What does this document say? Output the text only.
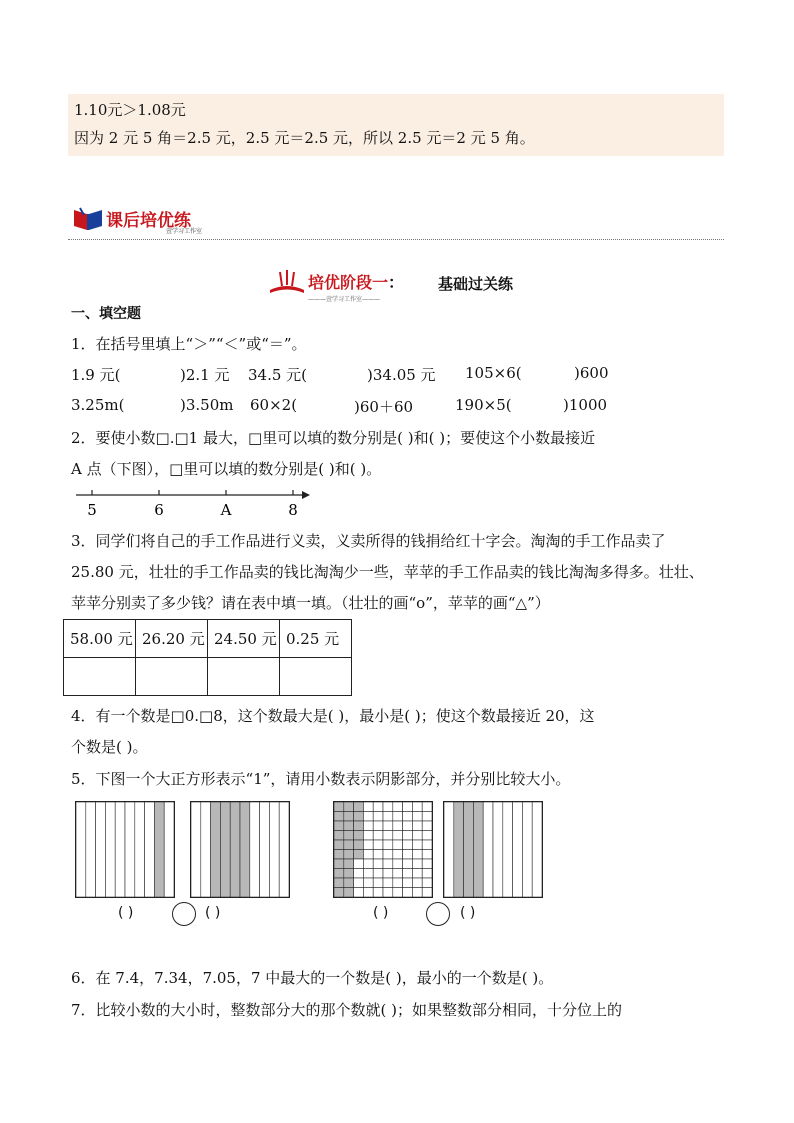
1.10元＞1.08元
因为 2 元 5 角＝2.5 元，2.5 元＝2.5 元，所以 2.5 元＝2 元 5 角。
课后培优练
萱学习工作室
培优阶段一： 基础过关练
———萱学习工作室———
一、填空题
1．在括号里填上“＞”“＜”或“＝”。
1.9 元(	)2.1 元 34.5 元(	)34.05 元 105×6(	)600
3.25m(	)3.50m 60×2(	)60＋60	190×5(	)1000
2．要使小数□.□1 最大，□里可以填的数分别是( )和( )；要使这个小数最接近
A 点（下图），□里可以填的数分别是( )和( )。
5	6	A	8
3．同学们将自己的手工作品进行义卖，义卖所得的钱捐给红十字会。淘淘的手工作品卖了
25.80 元，壮壮的手工作品卖的钱比淘淘少一些，苹苹的手工作品卖的钱比淘淘多得多。壮壮、
苹苹分别卖了多少钱？请在表中填一填。（壮壮的画“o”，苹苹的画“△”）
58.00 元	26.20 元	24.50 元	0.25 元

4．有一个数是□0.□8，这个数最大是( )，最小是( )；使这个数最接近 20，这
个数是( )。
5．下图一个大正方形表示“1”，请用小数表示阴影部分，并分别比较大小。
( )	( )	( )	( )
6．在 7.4，7.34，7.05，7 中最大的一个数是( )，最小的一个数是( )。
7．比较小数的大小时，整数部分大的那个数就( )；如果整数部分相同，十分位上的
